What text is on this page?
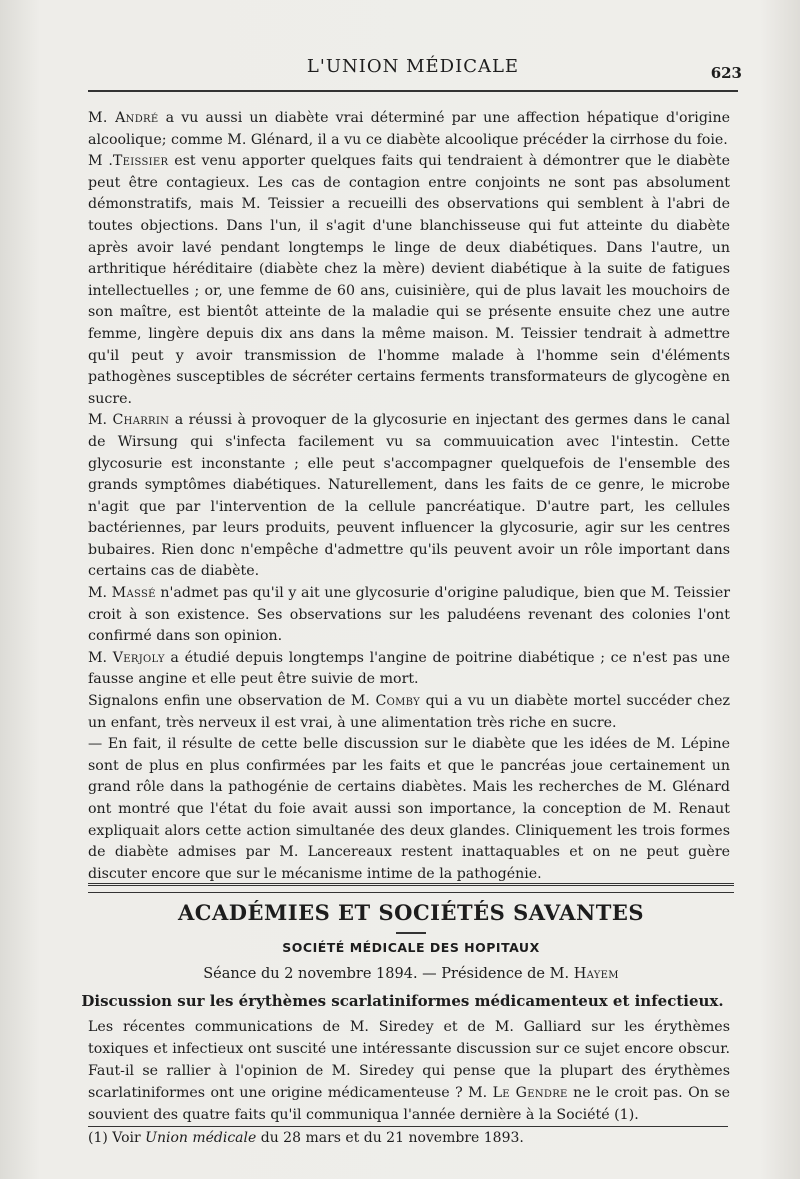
L'UNION MÉDICALE	623

M. André a vu aussi un diabète vrai déterminé par une affection hépatique d'origine alcoolique; comme M. Glénard, il a vu ce diabète alcoolique précéder la cirrhose du foie.

M .Teissier est venu apporter quelques faits qui tendraient à démontrer que le diabète peut être contagieux. Les cas de contagion entre conjoints ne sont pas absolument démonstratifs, mais M. Teissier a recueilli des observations qui semblent à l'abri de toutes objections. Dans l'un, il s'agit d'une blanchisseuse qui fut atteinte du diabète après avoir lavé pendant longtemps le linge de deux diabétiques. Dans l'autre, un arthritique héréditaire (diabète chez la mère) devient diabétique à la suite de fatigues intellectuelles ; or, une femme de 60 ans, cuisinière, qui de plus lavait les mouchoirs de son maître, est bientôt atteinte de la maladie qui se présente ensuite chez une autre femme, lingère depuis dix ans dans la même maison. M. Teissier tendrait à admettre qu'il peut y avoir transmission de l'homme malade à l'homme sein d'éléments pathogènes susceptibles de sécréter certains ferments transformateurs de glycogène en sucre.

M. Charrin a réussi à provoquer de la glycosurie en injectant des germes dans le canal de Wirsung qui s'infecta facilement vu sa commuuication avec l'intestin. Cette glycosurie est inconstante ; elle peut s'accompagner quelquefois de l'ensemble des grands symptômes diabétiques. Naturellement, dans les faits de ce genre, le microbe n'agit que par l'intervention de la cellule pancréatique. D'autre part, les cellules bactériennes, par leurs produits, peuvent influencer la glycosurie, agir sur les centres bubaires. Rien donc n'empêche d'admettre qu'ils peuvent avoir un rôle important dans certains cas de diabète.

M. Massé n'admet pas qu'il y ait une glycosurie d'origine paludique, bien que M. Teissier croit à son existence. Ses observations sur les paludéens revenant des colonies l'ont confirmé dans son opinion.

M. Verjoly a étudié depuis longtemps l'angine de poitrine diabétique ; ce n'est pas une fausse angine et elle peut être suivie de mort.

Signalons enfin une observation de M. Comby qui a vu un diabète mortel succéder chez un enfant, très nerveux il est vrai, à une alimentation très riche en sucre.

— En fait, il résulte de cette belle discussion sur le diabète que les idées de M. Lépine sont de plus en plus confirmées par les faits et que le pancréas joue certainement un grand rôle dans la pathogénie de certains diabètes. Mais les recherches de M. Glénard ont montré que l'état du foie avait aussi son importance, la conception de M. Renaut expliquait alors cette action simultanée des deux glandes. Cliniquement les trois formes de diabète admises par M. Lancereaux restent inattaquables et on ne peut guère discuter encore que sur le mécanisme intime de la pathogénie.

ACADÉMIES ET SOCIÉTÉS SAVANTES
SOCIÉTÉ MÉDICALE DES HOPITAUX
Séance du 2 novembre 1894. — Présidence de M. Hayem
Discussion sur les érythèmes scarlatiniformes médicamenteux et infectieux.

Les récentes communications de M. Siredey et de M. Galliard sur les érythèmes toxiques et infectieux ont suscité une intéressante discussion sur ce sujet encore obscur. Faut-il se rallier à l'opinion de M. Siredey qui pense que la plupart des érythèmes scarlatiniformes ont une origine médicamenteuse ? M. Le Gendre ne le croit pas. On se souvient des quatre faits qu'il communiqua l'année dernière à la Société (1).

(1) Voir Union médicale du 28 mars et du 21 novembre 1893.
